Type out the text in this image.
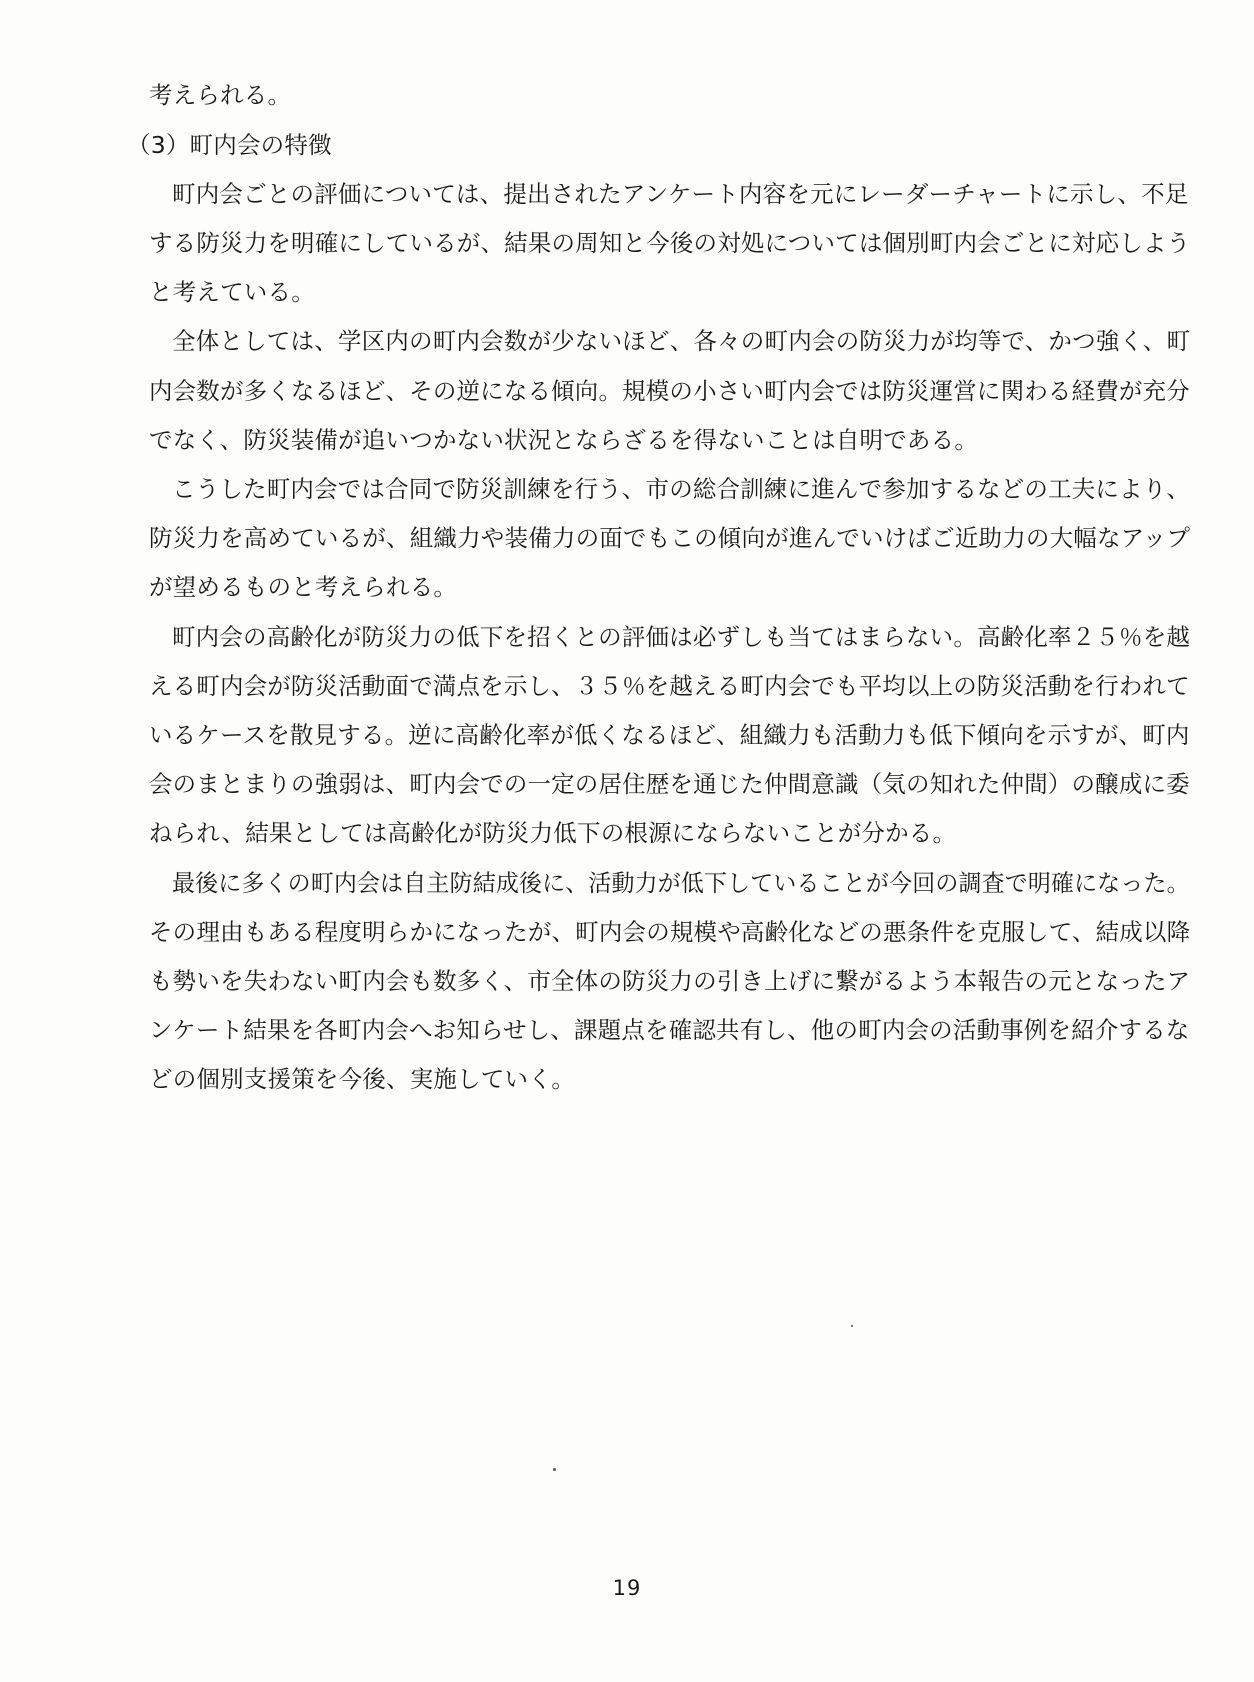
考えられる。
（3）町内会の特徴
町内会ごとの評価については、提出されたアンケート内容を元にレーダーチャートに示し、不足
する防災力を明確にしているが、結果の周知と今後の対処については個別町内会ごとに対応しよう
と考えている。
全体としては、学区内の町内会数が少ないほど、各々の町内会の防災力が均等で、かつ強く、町
内会数が多くなるほど、その逆になる傾向。規模の小さい町内会では防災運営に関わる経費が充分
でなく、防災装備が追いつかない状況とならざるを得ないことは自明である。
こうした町内会では合同で防災訓練を行う、市の総合訓練に進んで参加するなどの工夫により、
防災力を高めているが、組織力や装備力の面でもこの傾向が進んでいけばご近助力の大幅なアップ
が望めるものと考えられる。
町内会の高齢化が防災力の低下を招くとの評価は必ずしも当てはまらない。高齢化率２５％を越
える町内会が防災活動面で満点を示し、３５％を越える町内会でも平均以上の防災活動を行われて
いるケースを散見する。逆に高齢化率が低くなるほど、組織力も活動力も低下傾向を示すが、町内
会のまとまりの強弱は、町内会での一定の居住歴を通じた仲間意識（気の知れた仲間）の醸成に委
ねられ、結果としては高齢化が防災力低下の根源にならないことが分かる。
最後に多くの町内会は自主防結成後に、活動力が低下していることが今回の調査で明確になった。
その理由もある程度明らかになったが、町内会の規模や高齢化などの悪条件を克服して、結成以降
も勢いを失わない町内会も数多く、市全体の防災力の引き上げに繋がるよう本報告の元となったア
ンケート結果を各町内会へお知らせし、課題点を確認共有し、他の町内会の活動事例を紹介するな
どの個別支援策を今後、実施していく。
19
